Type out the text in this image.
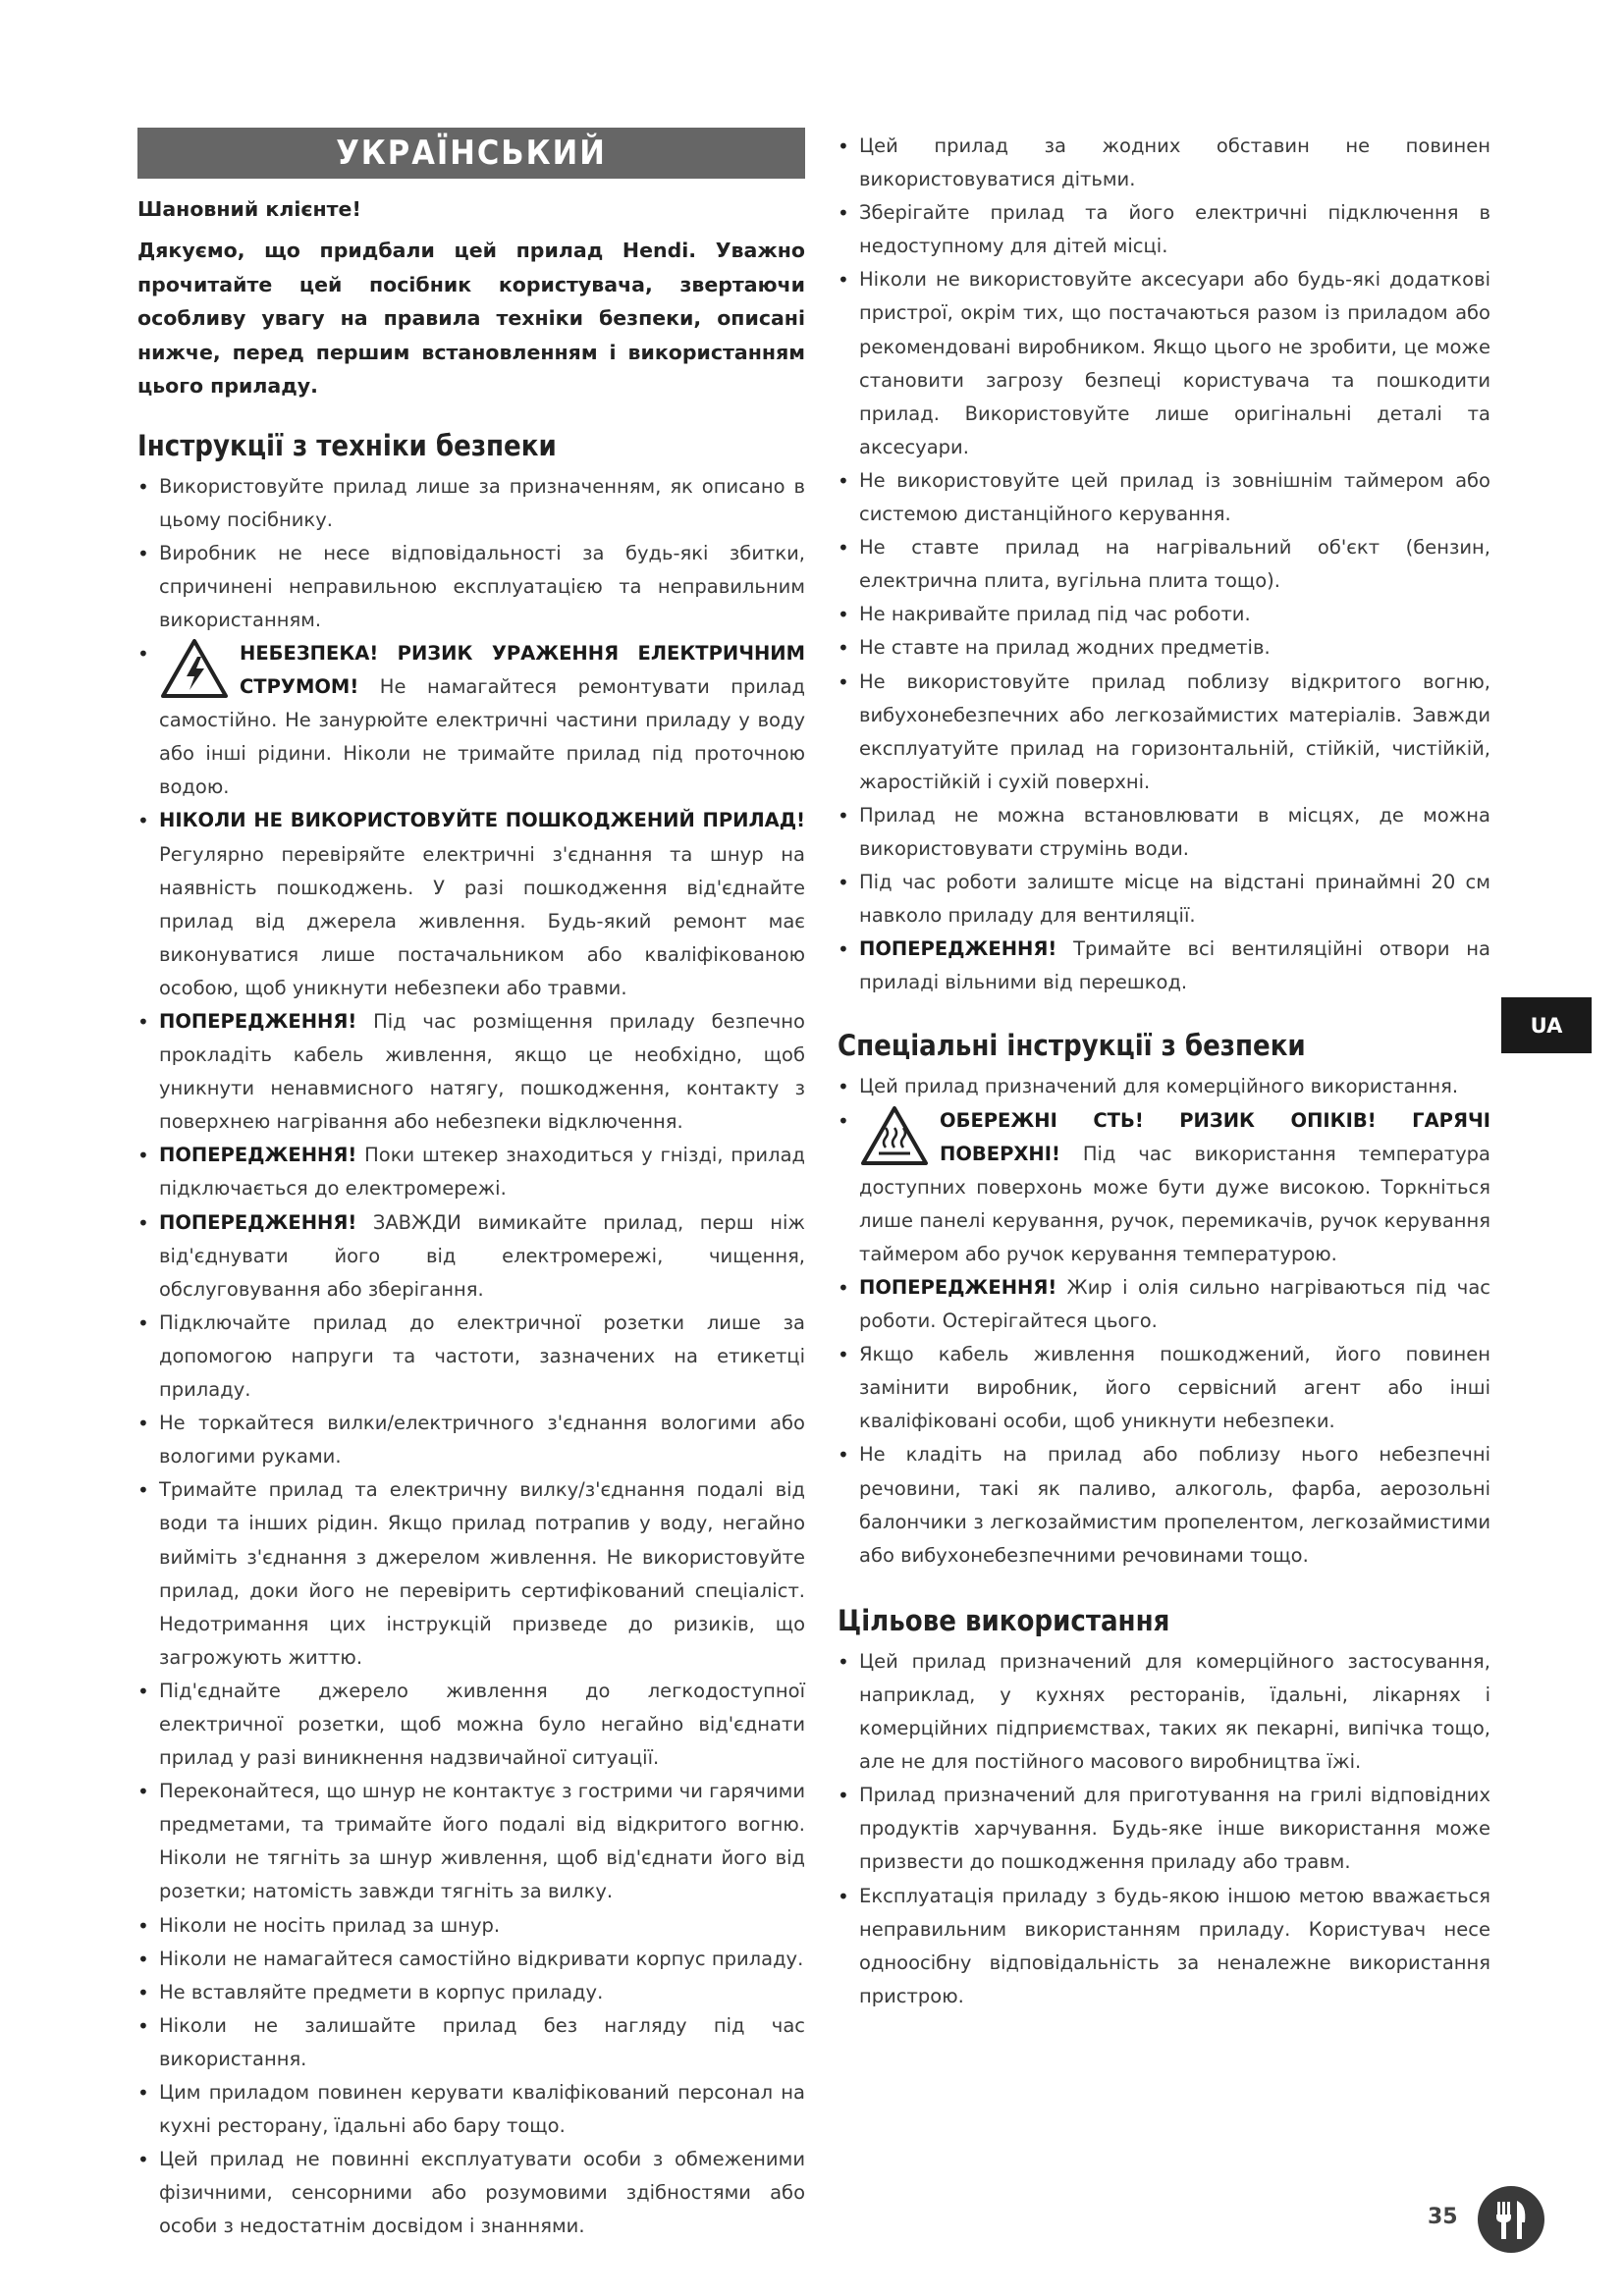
УКРАЇНСЬКИЙ

Шановний клієнте!

Дякуємо, що придбали цей прилад Hendi. Уважно прочитайте цей посібник користувача, звертаючи особливу увагу на правила техніки безпеки, описані нижче, перед першим встановленням і використанням цього приладу.

Інструкції з техніки безпеки
• Використовуйте прилад лише за призначенням, як описано в цьому посібнику.
• Виробник не несе відповідальності за будь-які збитки, спричинені неправильною експлуатацією та неправильним використанням.
• НЕБЕЗПЕКА! РИЗИК УРАЖЕННЯ ЕЛЕКТРИЧНИМ СТРУМОМ! Не намагайтеся ремонтувати прилад самостійно. Не занурюйте електричні частини приладу у воду або інші рідини. Ніколи не тримайте прилад під проточною водою.
• НІКОЛИ НЕ ВИКОРИСТОВУЙТЕ ПОШКОДЖЕНИЙ ПРИЛАД! Регулярно перевіряйте електричні з'єднання та шнур на наявність пошкоджень. У разі пошкодження від'єднайте прилад від джерела живлення. Будь-який ремонт має виконуватися лише постачальником або кваліфікованою особою, щоб уникнути небезпеки або травми.
• ПОПЕРЕДЖЕННЯ! Під час розміщення приладу безпечно прокладіть кабель живлення, якщо це необхідно, щоб уникнути ненавмисного натягу, пошкодження, контакту з поверхнею нагрівання або небезпеки відключення.
• ПОПЕРЕДЖЕННЯ! Поки штекер знаходиться у гнізді, прилад підключається до електромережі.
• ПОПЕРЕДЖЕННЯ! ЗАВЖДИ вимикайте прилад, перш ніж від'єднувати його від електромережі, чищення, обслуговування або зберігання.
• Підключайте прилад до електричної розетки лише за допомогою напруги та частоти, зазначених на етикетці приладу.
• Не торкайтеся вилки/електричного з'єднання вологими або вологими руками.
• Тримайте прилад та електричну вилку/з'єднання подалі від води та інших рідин. Якщо прилад потрапив у воду, негайно вийміть з'єднання з джерелом живлення. Не використовуйте прилад, доки його не перевірить сертифікований спеціаліст. Недотримання цих інструкцій призведе до ризиків, що загрожують життю.
• Під'єднайте джерело живлення до легкодоступної електричної розетки, щоб можна було негайно від'єднати прилад у разі виникнення надзвичайної ситуації.
• Переконайтеся, що шнур не контактує з гострими чи гарячими предметами, та тримайте його подалі від відкритого вогню. Ніколи не тягніть за шнур живлення, щоб від'єднати його від розетки; натомість завжди тягніть за вилку.
• Ніколи не носіть прилад за шнур.
• Ніколи не намагайтеся самостійно відкривати корпус приладу.
• Не вставляйте предмети в корпус приладу.
• Ніколи не залишайте прилад без нагляду під час використання.
• Цим приладом повинен керувати кваліфікований персонал на кухні ресторану, їдальні або бару тощо.
• Цей прилад не повинні експлуатувати особи з обмеженими фізичними, сенсорними або розумовими здібностями або особи з недостатнім досвідом і знаннями.
• Цей прилад за жодних обставин не повинен використовуватися дітьми.
• Зберігайте прилад та його електричні підключення в недоступному для дітей місці.
• Ніколи не використовуйте аксесуари або будь-які додаткові пристрої, окрім тих, що постачаються разом із приладом або рекомендовані виробником. Якщо цього не зробити, це може становити загрозу безпеці користувача та пошкодити прилад. Використовуйте лише оригінальні деталі та аксесуари.
• Не використовуйте цей прилад із зовнішнім таймером або системою дистанційного керування.
• Не ставте прилад на нагрівальний об'єкт (бензин, електрична плита, вугільна плита тощо).
• Не накривайте прилад під час роботи.
• Не ставте на прилад жодних предметів.
• Не використовуйте прилад поблизу відкритого вогню, вибухонебезпечних або легкозаймистих матеріалів. Завжди експлуатуйте прилад на горизонтальній, стійкій, чистійкій, жаростійкій і сухій поверхні.
• Прилад не можна встановлювати в місцях, де можна використовувати струмінь води.
• Під час роботи залиште місце на відстані принаймні 20 см навколо приладу для вентиляції.
• ПОПЕРЕДЖЕННЯ! Тримайте всі вентиляційні отвори на приладі вільними від перешкод.
Спеціальні інструкції з безпеки
• Цей прилад призначений для комерційного використання.
• ОБЕРЕЖНІ СТЬ! РИЗИК ОПІКІВ! ГАРЯЧІ ПОВЕРХНІ! Під час використання температура доступних поверхонь може бути дуже високою. Торкніться лише панелі керування, ручок, перемикачів, ручок керування таймером або ручок керування температурою.
• ПОПЕРЕДЖЕННЯ! Жир і олія сильно нагріваються під час роботи. Остерігайтеся цього.
• Якщо кабель живлення пошкоджений, його повинен замінити виробник, його сервісний агент або інші кваліфіковані особи, щоб уникнути небезпеки.
• Не кладіть на прилад або поблизу нього небезпечні речовини, такі як паливо, алкоголь, фарба, аерозольні балончики з легкозаймистим пропелентом, легкозаймистими або вибухонебезпечними речовинами тощо.
Цільове використання
• Цей прилад призначений для комерційного застосування, наприклад, у кухнях ресторанів, їдальні, лікарнях і комерційних підприємствах, таких як пекарні, випічка тощо, але не для постійного масового виробництва їжі.
• Прилад призначений для приготування на грилі відповідних продуктів харчування. Будь-яке інше використання може призвести до пошкодження приладу або травм.
• Експлуатація приладу з будь-якою іншою метою вважається неправильним використанням приладу. Користувач несе одноосібну відповідальність за неналежне використання пристрою.
UA
35
